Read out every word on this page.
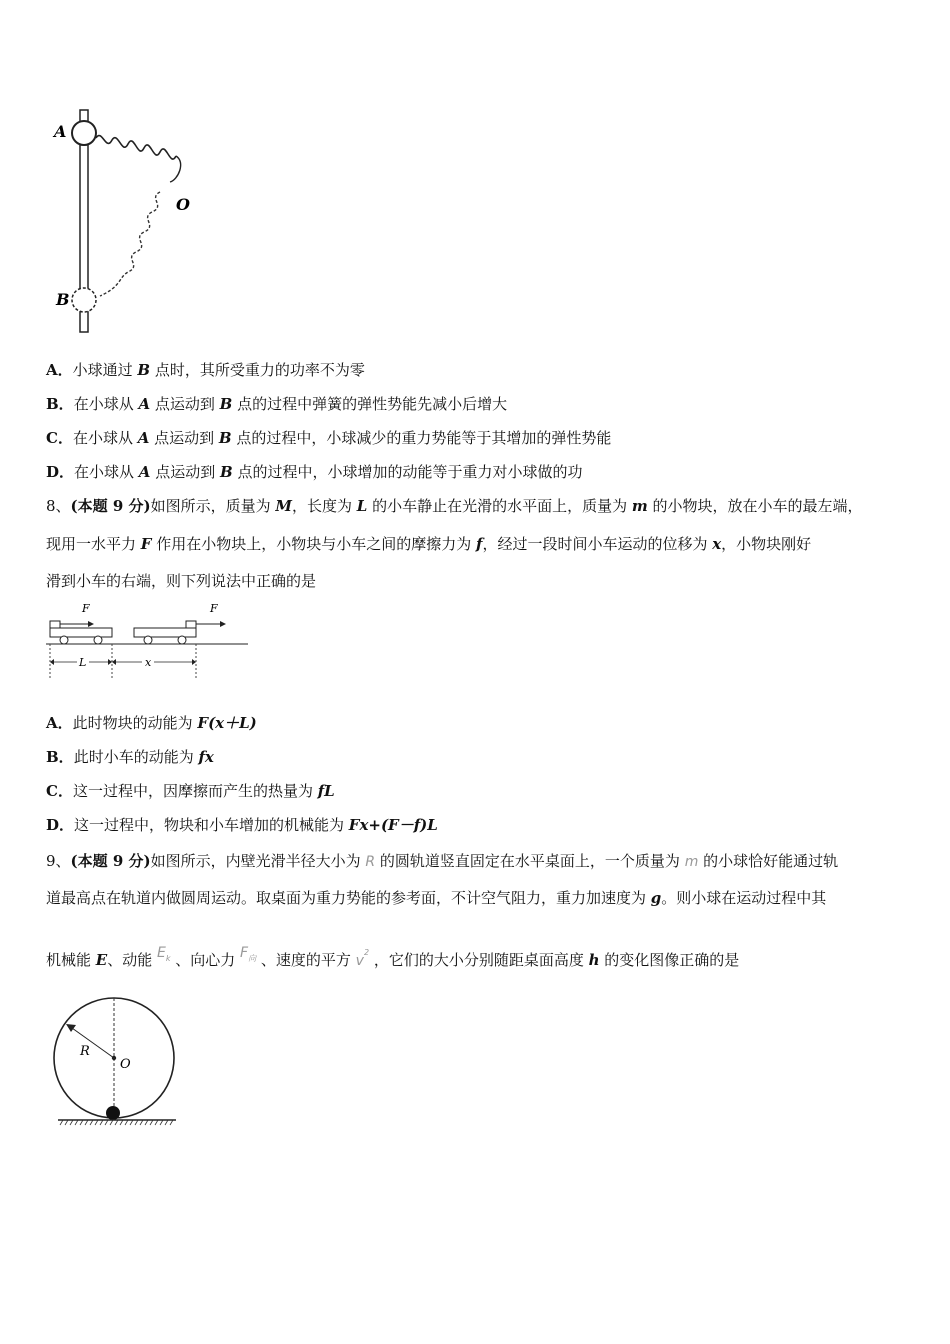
A
B
O
A．小球通过 B 点时，其所受重力的功率不为零
B．在小球从 A 点运动到 B 点的过程中弹簧的弹性势能先减小后增大
C．在小球从 A 点运动到 B 点的过程中，小球减少的重力势能等于其增加的弹性势能
D．在小球从 A 点运动到 B 点的过程中，小球增加的动能等于重力对小球做的功
8、(本题 9 分)如图所示，质量为 M，长度为 L 的小车静止在光滑的水平面上，质量为 m 的小物块，放在小车的最左端，
现用一水平力 F 作用在小物块上，小物块与小车之间的摩擦力为 f，经过一段时间小车运动的位移为 x，小物块刚好
滑到小车的右端，则下列说法中正确的是
F	F
L	x
A．此时物块的动能为 F(x＋L)
B．此时小车的动能为 fx
C．这一过程中，因摩擦而产生的热量为 fL
D．这一过程中，物块和小车增加的机械能为 Fx+(F－f)L
9、(本题 9 分)如图所示，内壁光滑半径大小为 R 的圆轨道竖直固定在水平桌面上，一个质量为 m 的小球恰好能通过轨
道最高点在轨道内做圆周运动。取桌面为重力势能的参考面，不计空气阻力，重力加速度为 g。则小球在运动过程中其
机械能 E、动能 $E^k$ 、向心力 $F^向$ 、速度的平方 $v^2$ ，它们的大小分别随距桌面高度 h 的变化图像正确的是
R
O
